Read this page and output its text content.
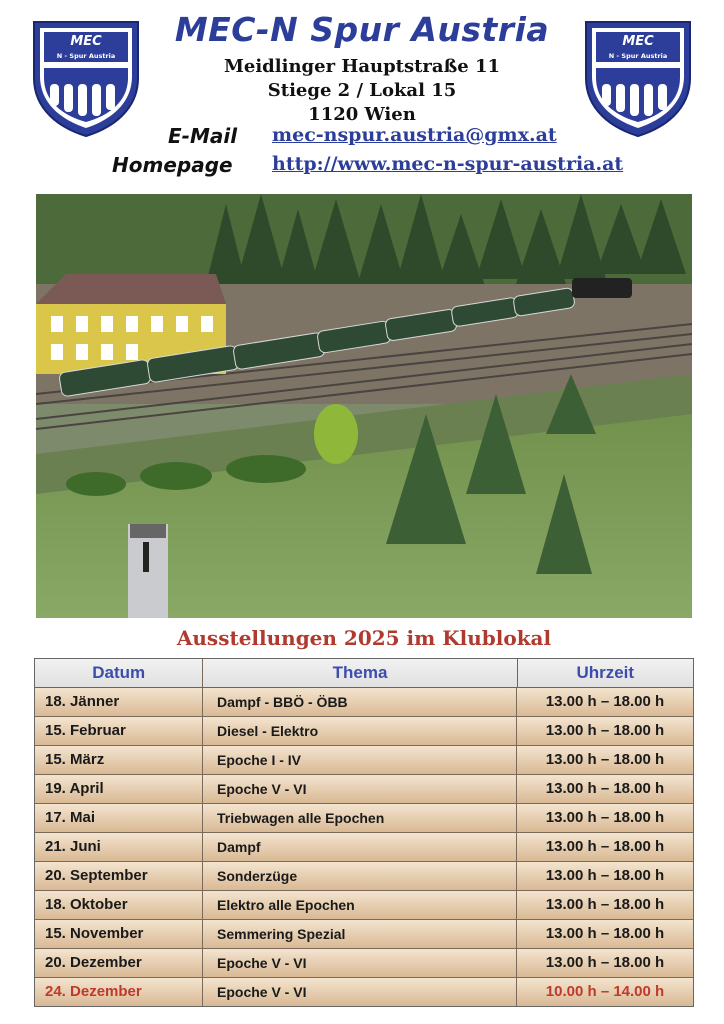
MEC
N - Spur Austria
MEC
N - Spur Austria
MEC-N Spur Austria
Meidlinger Hauptstraße 11
Stiege 2 / Lokal 15
1120 Wien
E-Mail mec-nspur.austria@gmx.at
Homepage http://www.mec-n-spur-austria.at
Ausstellungen 2025 im Klublokal
Datum	Thema	Uhrzeit
18. Jänner	Dampf - BBÖ - ÖBB	13.00 h – 18.00 h
15. Februar	Diesel - Elektro	13.00 h – 18.00 h
15. März	Epoche I - IV	13.00 h – 18.00 h
19. April	Epoche V - VI	13.00 h – 18.00 h
17. Mai	Triebwagen alle Epochen	13.00 h – 18.00 h
21. Juni	Dampf	13.00 h – 18.00 h
20. September	Sonderzüge	13.00 h – 18.00 h
18. Oktober	Elektro alle Epochen	13.00 h – 18.00 h
15. November	Semmering Spezial	13.00 h – 18.00 h
20. Dezember	Epoche V - VI	13.00 h – 18.00 h
24. Dezember	Epoche V - VI	10.00 h – 14.00 h
